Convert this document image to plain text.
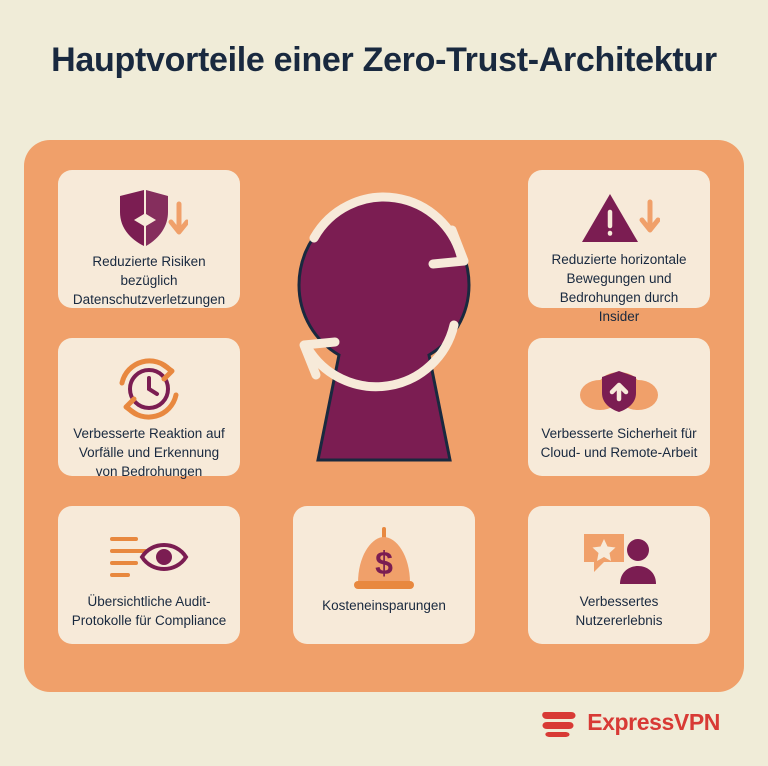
Hauptvorteile einer Zero-Trust-Architektur
Reduzierte Risiken bezüglich Datenschutzverletzungen
Verbesserte Reaktion auf Vorfälle und Erkennung von Bedrohungen
Übersichtliche Audit-Protokolle für Compliance
Reduzierte horizontale Bewegungen und Bedrohungen durch Insider
Verbesserte Sicherheit für Cloud- und Remote-Arbeit
Verbessertes Nutzererlebnis
$
Kosteneinsparungen
ExpressVPN
